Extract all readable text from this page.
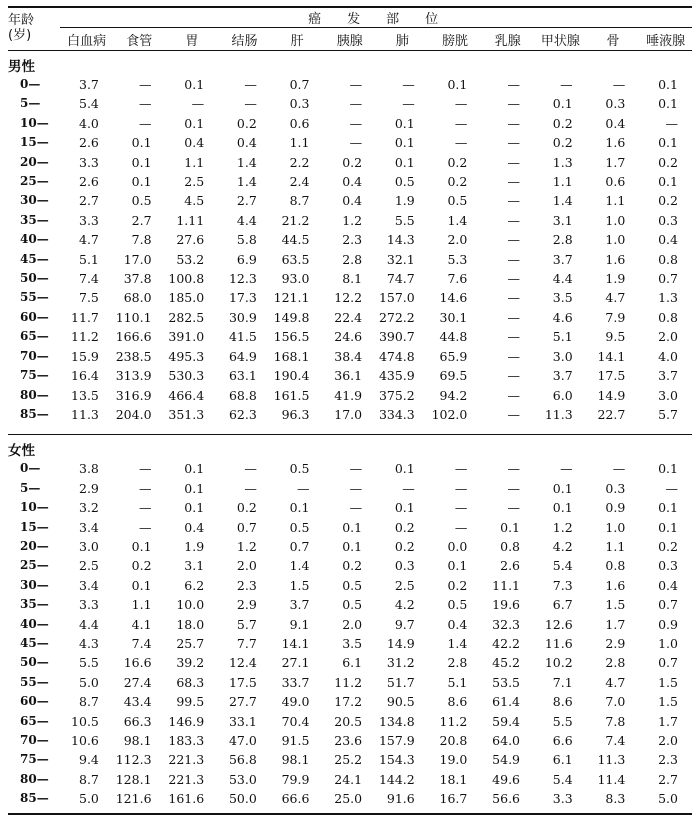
年龄	癌发部位											
(岁)	白血病	食管	胃	结肠	肝	胰腺	肺	膀胱	乳腺	甲状腺	骨	唾液腺

男性												
0—	3.7	—	0.1	—	0.7	—	—	0.1	—	—	—	0.1
5—	5.4	—	—	—	0.3	—	—	—	—	0.1	0.3	0.1
10—	4.0	—	0.1	0.2	0.6	—	0.1	—	—	0.2	0.4	—
15—	2.6	0.1	0.4	0.4	1.1	—	0.1	—	—	0.2	1.6	0.1
20—	3.3	0.1	1.1	1.4	2.2	0.2	0.1	0.2	—	1.3	1.7	0.2
25—	2.6	0.1	2.5	1.4	2.4	0.4	0.5	0.2	—	1.1	0.6	0.1
30—	2.7	0.5	4.5	2.7	8.7	0.4	1.9	0.5	—	1.4	1.1	0.2
35—	3.3	2.7	1.11	4.4	21.2	1.2	5.5	1.4	—	3.1	1.0	0.3
40—	4.7	7.8	27.6	5.8	44.5	2.3	14.3	2.0	—	2.8	1.0	0.4
45—	5.1	17.0	53.2	6.9	63.5	2.8	32.1	5.3	—	3.7	1.6	0.8
50—	7.4	37.8	100.8	12.3	93.0	8.1	74.7	7.6	—	4.4	1.9	0.7
55—	7.5	68.0	185.0	17.3	121.1	12.2	157.0	14.6	—	3.5	4.7	1.3
60—	11.7	110.1	282.5	30.9	149.8	22.4	272.2	30.1	—	4.6	7.9	0.8
65—	11.2	166.6	391.0	41.5	156.5	24.6	390.7	44.8	—	5.1	9.5	2.0
70—	15.9	238.5	495.3	64.9	168.1	38.4	474.8	65.9	—	3.0	14.1	4.0
75—	16.4	313.9	530.3	63.1	190.4	36.1	435.9	69.5	—	3.7	17.5	3.7
80—	13.5	316.9	466.4	68.8	161.5	41.9	375.2	94.2	—	6.0	14.9	3.0
85—	11.3	204.0	351.3	62.3	96.3	17.0	334.3	102.0	—	11.3	22.7	5.7

女性												
0—	3.8	—	0.1	—	0.5	—	0.1	—	—	—	—	0.1
5—	2.9	—	0.1	—	—	—	—	—	—	0.1	0.3	—
10—	3.2	—	0.1	0.2	0.1	—	0.1	—	—	0.1	0.9	0.1
15—	3.4	—	0.4	0.7	0.5	0.1	0.2	—	0.1	1.2	1.0	0.1
20—	3.0	0.1	1.9	1.2	0.7	0.1	0.2	0.0	0.8	4.2	1.1	0.2
25—	2.5	0.2	3.1	2.0	1.4	0.2	0.3	0.1	2.6	5.4	0.8	0.3
30—	3.4	0.1	6.2	2.3	1.5	0.5	2.5	0.2	11.1	7.3	1.6	0.4
35—	3.3	1.1	10.0	2.9	3.7	0.5	4.2	0.5	19.6	6.7	1.5	0.7
40—	4.4	4.1	18.0	5.7	9.1	2.0	9.7	0.4	32.3	12.6	1.7	0.9
45—	4.3	7.4	25.7	7.7	14.1	3.5	14.9	1.4	42.2	11.6	2.9	1.0
50—	5.5	16.6	39.2	12.4	27.1	6.1	31.2	2.8	45.2	10.2	2.8	0.7
55—	5.0	27.4	68.3	17.5	33.7	11.2	51.7	5.1	53.5	7.1	4.7	1.5
60—	8.7	43.4	99.5	27.7	49.0	17.2	90.5	8.6	61.4	8.6	7.0	1.5
65—	10.5	66.3	146.9	33.1	70.4	20.5	134.8	11.2	59.4	5.5	7.8	1.7
70—	10.6	98.1	183.3	47.0	91.5	23.6	157.9	20.8	64.0	6.6	7.4	2.0
75—	9.4	112.3	221.3	56.8	98.1	25.2	154.3	19.0	54.9	6.1	11.3	2.3
80—	8.7	128.1	221.3	53.0	79.9	24.1	144.2	18.1	49.6	5.4	11.4	2.7
85—	5.0	121.6	161.6	50.0	66.6	25.0	91.6	16.7	56.6	3.3	8.3	5.0
